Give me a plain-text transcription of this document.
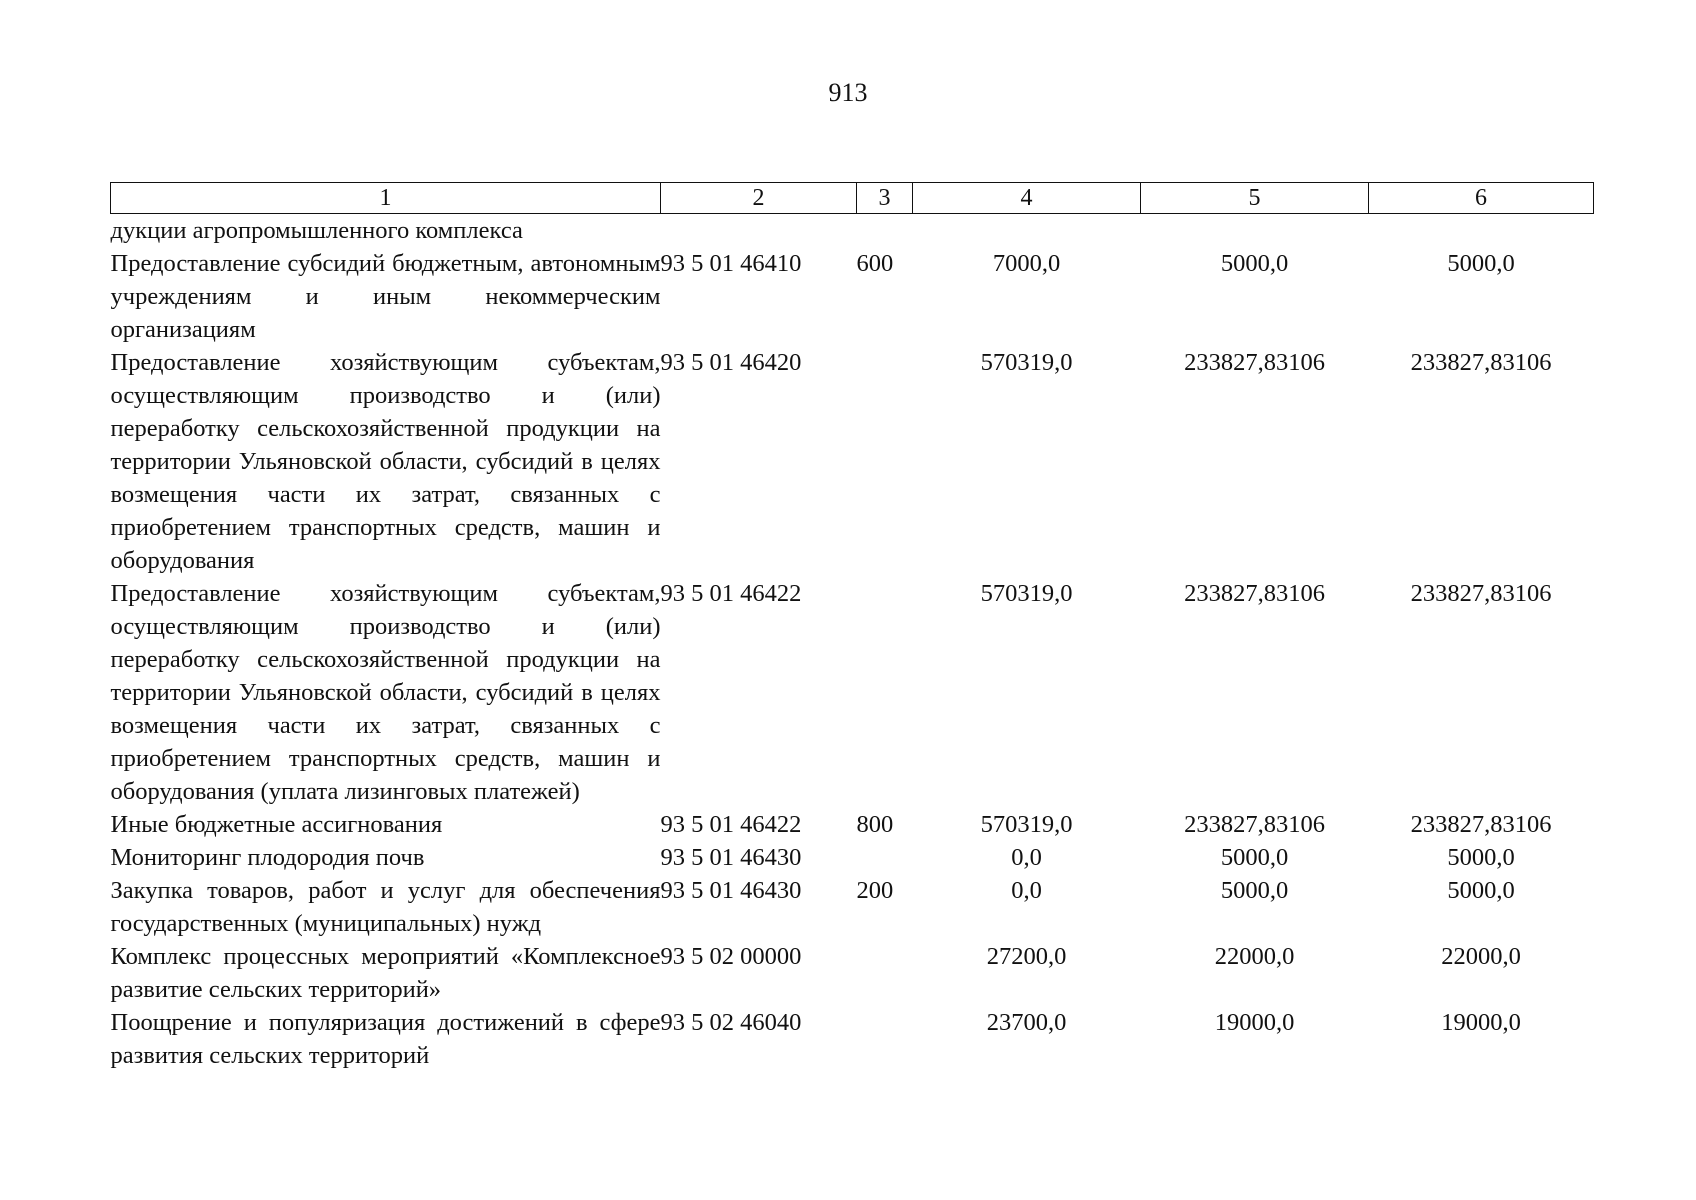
913
1	2	3	4	5	6
дукции агропромышленного комплекса					
Предоставление субсидий бюджетным, автономным учреждениям и иным некоммерческим организациям	93 5 01 46410	600	7000,0	5000,0	5000,0
Предоставление хозяйствующим субъектам, осуществляющим производство и (или) переработку сельскохозяйственной продукции на территории Ульяновской области, субсидий в целях возмещения части их затрат, связанных с приобретением транспортных средств, машин и оборудования	93 5 01 46420		570319,0	233827,83106	233827,83106
Предоставление хозяйствующим субъектам, осуществляющим производство и (или) переработку сельскохозяйственной продукции на территории Ульяновской области, субсидий в целях возмещения части их затрат, связанных с приобретением транспортных средств, машин и оборудования (уплата лизинговых платежей)	93 5 01 46422		570319,0	233827,83106	233827,83106
Иные бюджетные ассигнования	93 5 01 46422	800	570319,0	233827,83106	233827,83106
Мониторинг плодородия почв	93 5 01 46430		0,0	5000,0	5000,0
Закупка товаров, работ и услуг для обеспечения государственных (муниципальных) нужд	93 5 01 46430	200	0,0	5000,0	5000,0
Комплекс процессных мероприятий «Комплексное развитие сельских территорий»	93 5 02 00000		27200,0	22000,0	22000,0
Поощрение и популяризация достижений в сфере развития сельских территорий	93 5 02 46040		23700,0	19000,0	19000,0
